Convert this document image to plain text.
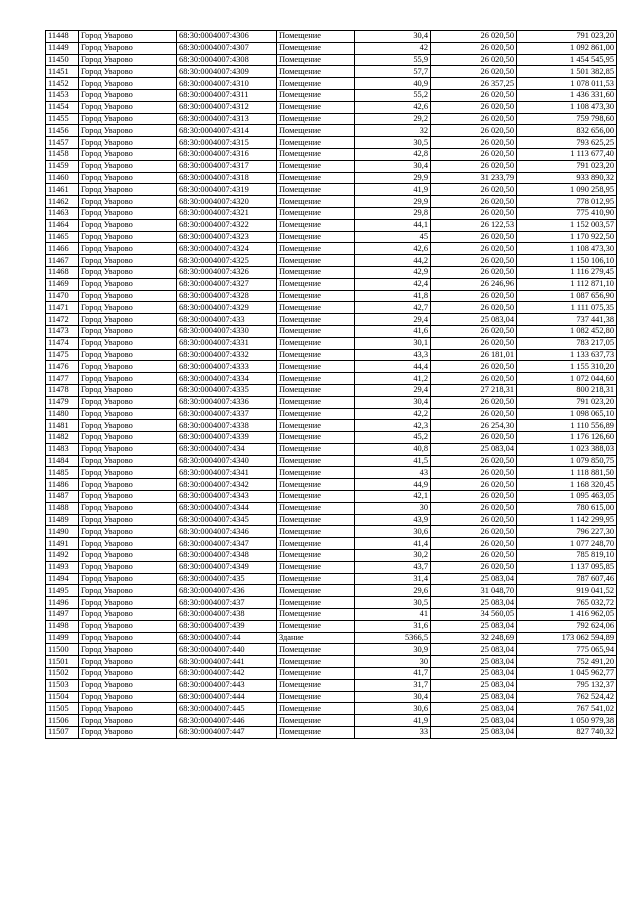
11448	Город Уварово	68:30:0004007:4306	Помещение	30,4	26 020,50	791 023,20
11449	Город Уварово	68:30:0004007:4307	Помещение	42	26 020,50	1 092 861,00
11450	Город Уварово	68:30:0004007:4308	Помещение	55,9	26 020,50	1 454 545,95
11451	Город Уварово	68:30:0004007:4309	Помещение	57,7	26 020,50	1 501 382,85
11452	Город Уварово	68:30:0004007:4310	Помещение	40,9	26 357,25	1 078 011,53
11453	Город Уварово	68:30:0004007:4311	Помещение	55,2	26 020,50	1 436 331,60
11454	Город Уварово	68:30:0004007:4312	Помещение	42,6	26 020,50	1 108 473,30
11455	Город Уварово	68:30:0004007:4313	Помещение	29,2	26 020,50	759 798,60
11456	Город Уварово	68:30:0004007:4314	Помещение	32	26 020,50	832 656,00
11457	Город Уварово	68:30:0004007:4315	Помещение	30,5	26 020,50	793 625,25
11458	Город Уварово	68:30:0004007:4316	Помещение	42,8	26 020,50	1 113 677,40
11459	Город Уварово	68:30:0004007:4317	Помещение	30,4	26 020,50	791 023,20
11460	Город Уварово	68:30:0004007:4318	Помещение	29,9	31 233,79	933 890,32
11461	Город Уварово	68:30:0004007:4319	Помещение	41,9	26 020,50	1 090 258,95
11462	Город Уварово	68:30:0004007:4320	Помещение	29,9	26 020,50	778 012,95
11463	Город Уварово	68:30:0004007:4321	Помещение	29,8	26 020,50	775 410,90
11464	Город Уварово	68:30:0004007:4322	Помещение	44,1	26 122,53	1 152 003,57
11465	Город Уварово	68:30:0004007:4323	Помещение	45	26 020,50	1 170 922,50
11466	Город Уварово	68:30:0004007:4324	Помещение	42,6	26 020,50	1 108 473,30
11467	Город Уварово	68:30:0004007:4325	Помещение	44,2	26 020,50	1 150 106,10
11468	Город Уварово	68:30:0004007:4326	Помещение	42,9	26 020,50	1 116 279,45
11469	Город Уварово	68:30:0004007:4327	Помещение	42,4	26 246,96	1 112 871,10
11470	Город Уварово	68:30:0004007:4328	Помещение	41,8	26 020,50	1 087 656,90
11471	Город Уварово	68:30:0004007:4329	Помещение	42,7	26 020,50	1 111 075,35
11472	Город Уварово	68:30:0004007:433	Помещение	29,4	25 083,04	737 441,38
11473	Город Уварово	68:30:0004007:4330	Помещение	41,6	26 020,50	1 082 452,80
11474	Город Уварово	68:30:0004007:4331	Помещение	30,1	26 020,50	783 217,05
11475	Город Уварово	68:30:0004007:4332	Помещение	43,3	26 181,01	1 133 637,73
11476	Город Уварово	68:30:0004007:4333	Помещение	44,4	26 020,50	1 155 310,20
11477	Город Уварово	68:30:0004007:4334	Помещение	41,2	26 020,50	1 072 044,60
11478	Город Уварово	68:30:0004007:4335	Помещение	29,4	27 218,31	800 218,31
11479	Город Уварово	68:30:0004007:4336	Помещение	30,4	26 020,50	791 023,20
11480	Город Уварово	68:30:0004007:4337	Помещение	42,2	26 020,50	1 098 065,10
11481	Город Уварово	68:30:0004007:4338	Помещение	42,3	26 254,30	1 110 556,89
11482	Город Уварово	68:30:0004007:4339	Помещение	45,2	26 020,50	1 176 126,60
11483	Город Уварово	68:30:0004007:434	Помещение	40,8	25 083,04	1 023 388,03
11484	Город Уварово	68:30:0004007:4340	Помещение	41,5	26 020,50	1 079 850,75
11485	Город Уварово	68:30:0004007:4341	Помещение	43	26 020,50	1 118 881,50
11486	Город Уварово	68:30:0004007:4342	Помещение	44,9	26 020,50	1 168 320,45
11487	Город Уварово	68:30:0004007:4343	Помещение	42,1	26 020,50	1 095 463,05
11488	Город Уварово	68:30:0004007:4344	Помещение	30	26 020,50	780 615,00
11489	Город Уварово	68:30:0004007:4345	Помещение	43,9	26 020,50	1 142 299,95
11490	Город Уварово	68:30:0004007:4346	Помещение	30,6	26 020,50	796 227,30
11491	Город Уварово	68:30:0004007:4347	Помещение	41,4	26 020,50	1 077 248,70
11492	Город Уварово	68:30:0004007:4348	Помещение	30,2	26 020,50	785 819,10
11493	Город Уварово	68:30:0004007:4349	Помещение	43,7	26 020,50	1 137 095,85
11494	Город Уварово	68:30:0004007:435	Помещение	31,4	25 083,04	787 607,46
11495	Город Уварово	68:30:0004007:436	Помещение	29,6	31 048,70	919 041,52
11496	Город Уварово	68:30:0004007:437	Помещение	30,5	25 083,04	765 032,72
11497	Город Уварово	68:30:0004007:438	Помещение	41	34 560,05	1 416 962,05
11498	Город Уварово	68:30:0004007:439	Помещение	31,6	25 083,04	792 624,06
11499	Город Уварово	68:30:0004007:44	Здание	5366,5	32 248,69	173 062 594,89
11500	Город Уварово	68:30:0004007:440	Помещение	30,9	25 083,04	775 065,94
11501	Город Уварово	68:30:0004007:441	Помещение	30	25 083,04	752 491,20
11502	Город Уварово	68:30:0004007:442	Помещение	41,7	25 083,04	1 045 962,77
11503	Город Уварово	68:30:0004007:443	Помещение	31,7	25 083,04	795 132,37
11504	Город Уварово	68:30:0004007:444	Помещение	30,4	25 083,04	762 524,42
11505	Город Уварово	68:30:0004007:445	Помещение	30,6	25 083,04	767 541,02
11506	Город Уварово	68:30:0004007:446	Помещение	41,9	25 083,04	1 050 979,38
11507	Город Уварово	68:30:0004007:447	Помещение	33	25 083,04	827 740,32
